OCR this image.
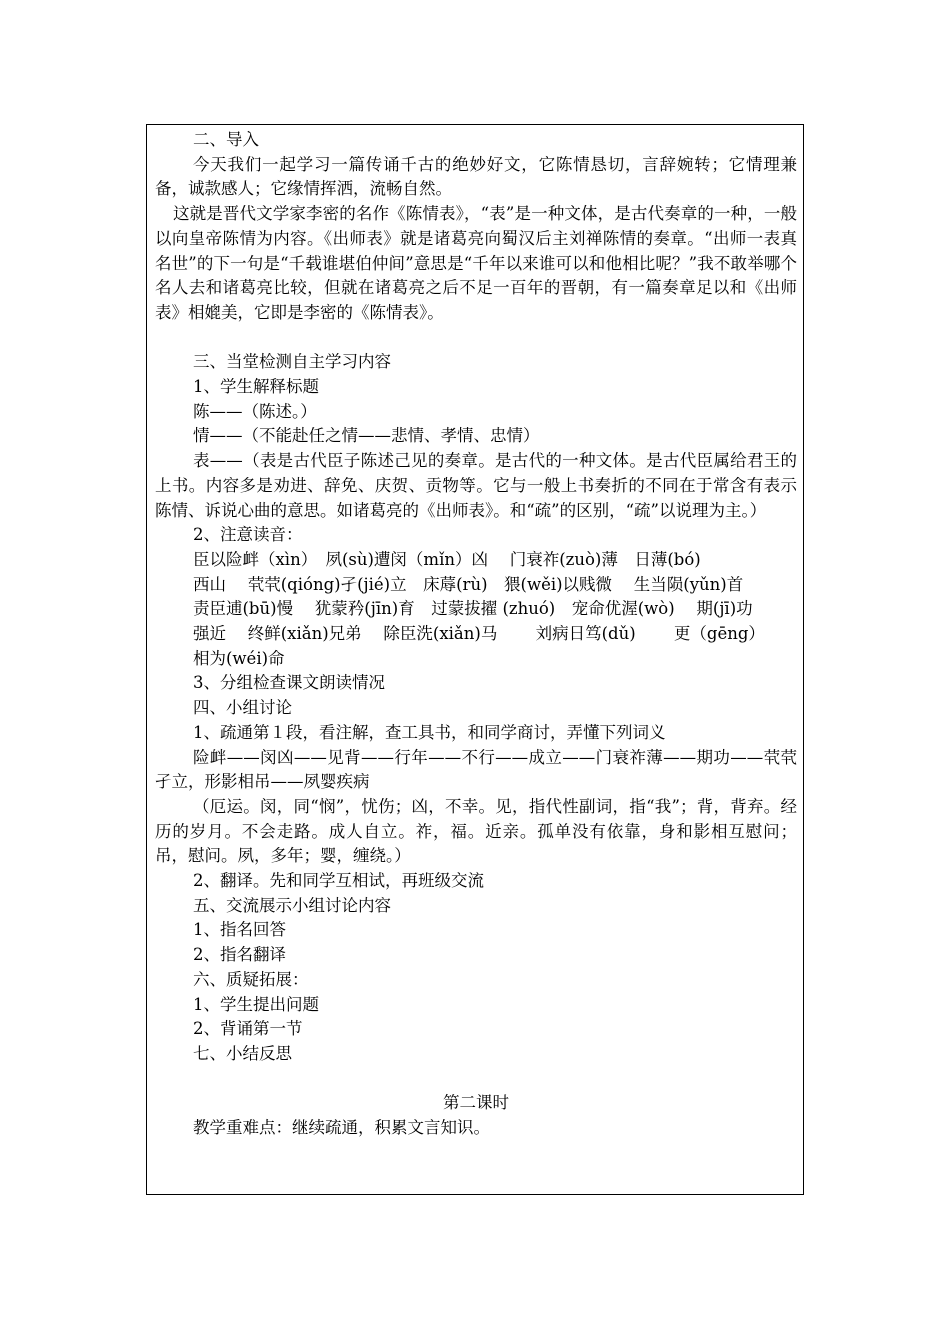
二、导入

今天我们一起学习一篇传诵千古的绝妙好文，它陈情恳切，言辞婉转；它情理兼备，诚款感人；它缘情挥洒，流畅自然。

这就是晋代文学家李密的名作《陈情表》，“表”是一种文体，是古代奏章的一种，一般以向皇帝陈情为内容。《出师表》就是诸葛亮向蜀汉后主刘禅陈情的奏章。“出师一表真名世”的下一句是“千载谁堪伯仲间”意思是“千年以来谁可以和他相比呢？”我不敢举哪个名人去和诸葛亮比较，但就在诸葛亮之后不足一百年的晋朝，有一篇奏章足以和《出师表》相媲美，它即是李密的《陈情表》。

三、当堂检测自主学习内容

1、学生解释标题

陈——（陈述。）

情——（不能赴任之情——悲情、孝情、忠情）

表——（表是古代臣子陈述己见的奏章。是古代的一种文体。是古代臣属给君王的上书。内容多是劝进、辞免、庆贺、贡物等。它与一般上书奏折的不同在于常含有表示陈情、诉说心曲的意思。如诸葛亮的《出师表》。和“疏”的区别，“疏”以说理为主。）

2、注意读音：

臣以险衅（xìn）　夙(sù)遭闵（mǐn）凶　 门衰祚(zuò)薄　日薄(bó)

西山　 茕茕(qióng)孑(jié)立　床蓐(rù)　猥(wěi)以贱微　 生当陨(yǔn)首

责臣逋(bū)慢　 犹蒙矜(jīn)育　过蒙拔擢 (zhuó)　宠命优渥(wò)　 期(jī)功

强近　 终鲜(xiǎn)兄弟　 除臣洗(xiǎn)马　　 刘病日笃(dǔ)　　 更（gēng）

相为(wéi)命

3、分组检查课文朗读情况

四、小组讨论

1、疏通第１段，看注解，查工具书，和同学商讨，弄懂下列词义

险衅——闵凶——见背——行年——不行——成立——门衰祚薄——期功——茕茕孑立，形影相吊——夙婴疾病

（厄运。闵，同“悯”，忧伤；凶，不幸。见，指代性副词，指“我”；背，背弃。经历的岁月。不会走路。成人自立。祚，福。近亲。孤单没有依靠，身和影相互慰问；吊，慰问。夙，多年；婴，缠绕。）

2、翻译。先和同学互相试，再班级交流

五、交流展示小组讨论内容

1、指名回答

2、指名翻译

六、质疑拓展：

1、学生提出问题

2、背诵第一节

七、小结反思

第二课时

教学重难点：继续疏通，积累文言知识。
